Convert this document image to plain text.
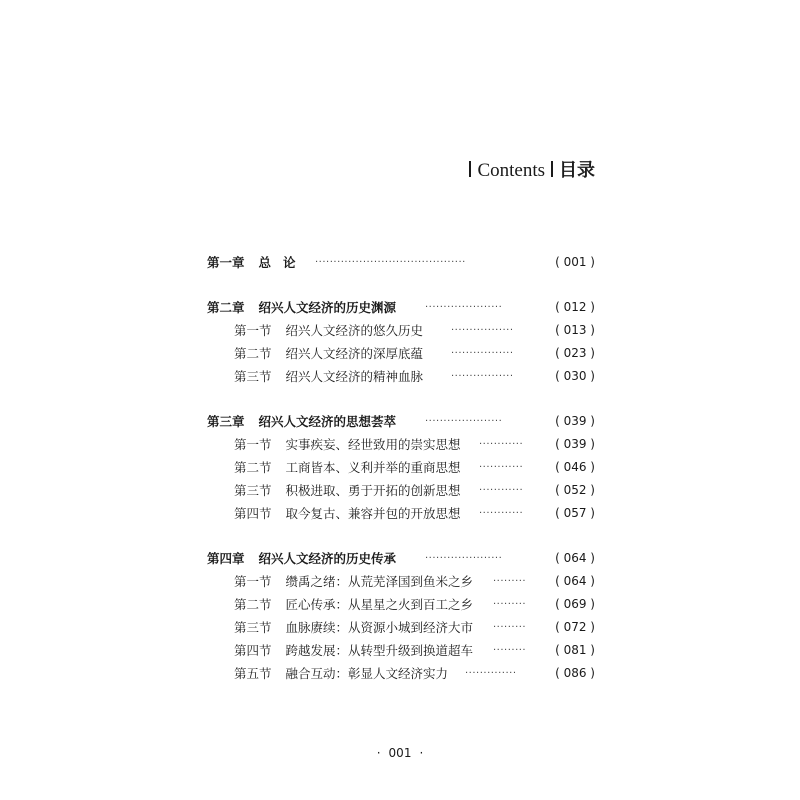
Contents 目录
第一章 总 论 ·········································	( 001 )
第二章 绍兴人文经济的历史渊源	·····················	( 012 )
第一节 绍兴人文经济的悠久历史	·················	( 013 )
第二节 绍兴人文经济的深厚底蕴	·················	( 023 )
第三节 绍兴人文经济的精神血脉	·················	( 030 )
第三章 绍兴人文经济的思想荟萃	·····················	( 039 )
第一节 实事疾妄、经世致用的崇实思想 ············	( 039 )
第二节 工商皆本、义利并举的重商思想 ············	( 046 )
第三节 积极进取、勇于开拓的创新思想 ············	( 052 )
第四节 取今复古、兼容并包的开放思想 ············	( 057 )
第四章 绍兴人文经济的历史传承	·····················	( 064 )
第一节 缵禹之绪：从荒芜泽国到鱼米之乡 ·········	( 064 )
第二节 匠心传承：从星星之火到百工之乡 ·········	( 069 )
第三节 血脉赓续：从资源小城到经济大市 ·········	( 072 )
第四节 跨越发展：从转型升级到换道超车 ·········	( 081 )
第五节 融合互动：彰显人文经济实力 ··············	( 086 )
· 001 ·
